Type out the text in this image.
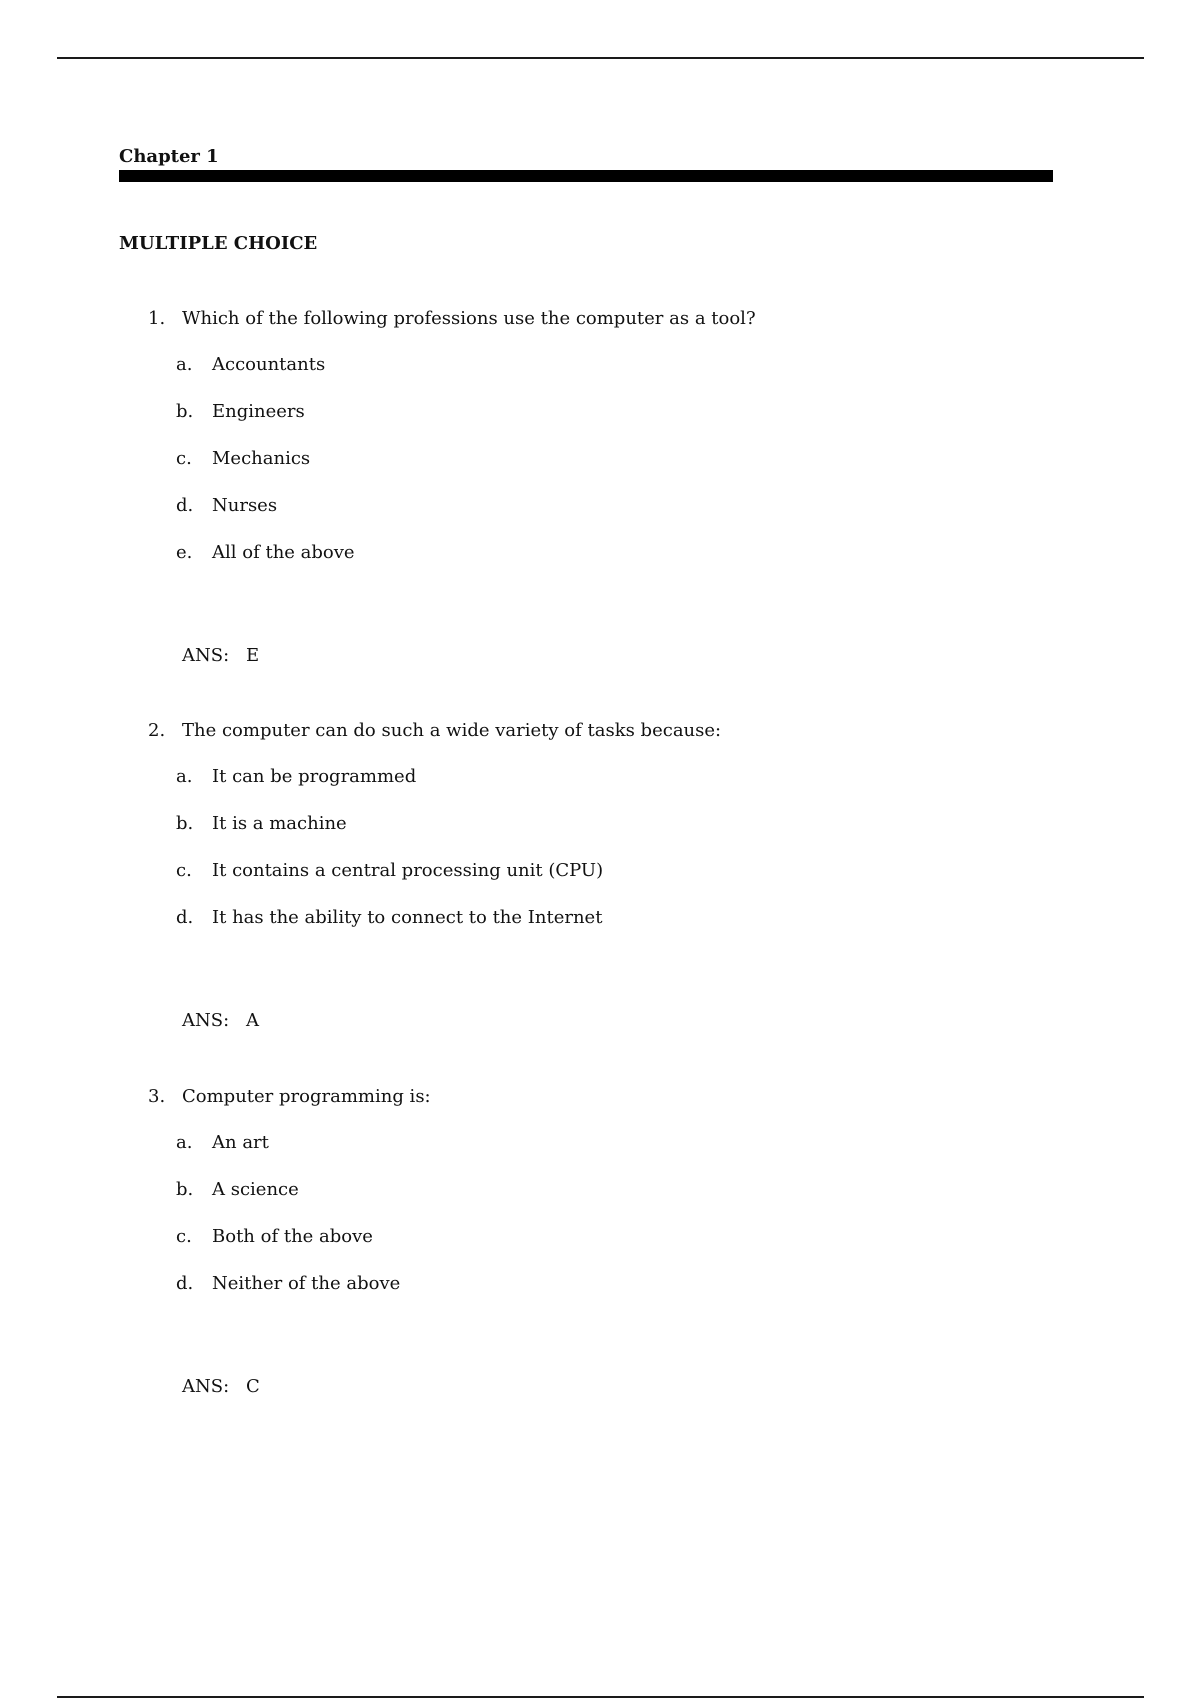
Chapter 1
MULTIPLE CHOICE
1. Which of the following professions use the computer as a tool?
a.	Accountants
b.	Engineers
c.	Mechanics
d.	Nurses
e.	All of the above
ANS: E
2. The computer can do such a wide variety of tasks because:
a.	It can be programmed
b.	It is a machine
c.	It contains a central processing unit (CPU)
d.	It has the ability to connect to the Internet
ANS: A
3. Computer programming is:
a.	An art
b.	A science
c.	Both of the above
d.	Neither of the above
ANS: C
